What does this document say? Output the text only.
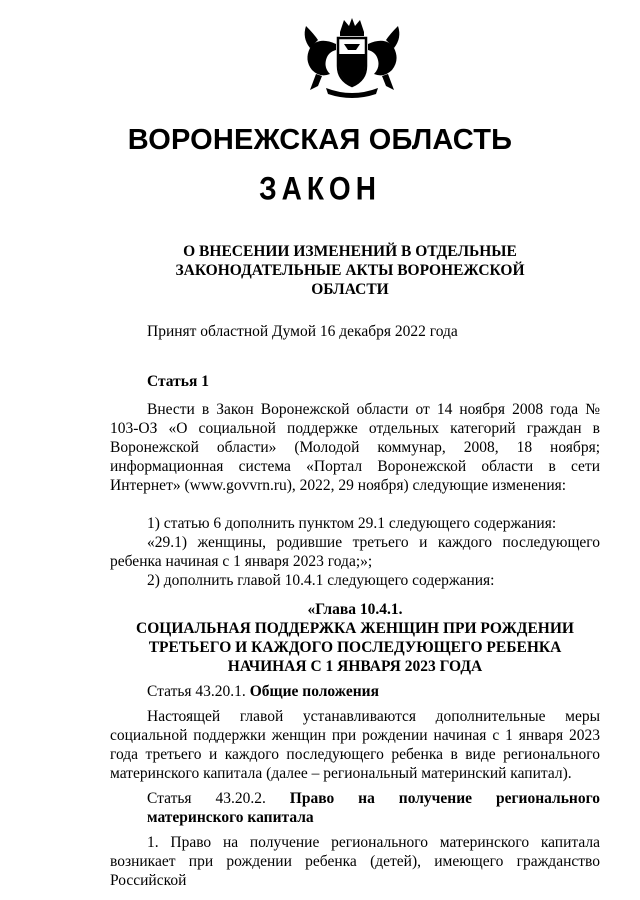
ВОРОНЕЖСКАЯ ОБЛАСТЬ
ЗАКОН
О ВНЕСЕНИИ ИЗМЕНЕНИЙ В ОТДЕЛЬНЫЕ
ЗАКОНОДАТЕЛЬНЫЕ АКТЫ ВОРОНЕЖСКОЙ
ОБЛАСТИ
Принят областной Думой 16 декабря 2022 года
Статья 1

Внести в Закон Воронежской области от 14 ноября 2008 года № 103-ОЗ «О социальной поддержке отдельных категорий граждан в Воронежской области» (Молодой коммунар, 2008, 18 ноября; информационная система «Портал Воронежской области в сети Интернет» (www.govvrn.ru), 2022, 29 ноября) следующие изменения:

1) статью 6 дополнить пунктом 29.1 следующего содержания:

«29.1) женщины, родившие третьего и каждого последующего ребенка начиная с 1 января 2023 года;»;

2) дополнить главой 10.4.1 следующего содержания:

«Глава 10.4.1.

СОЦИАЛЬНАЯ ПОДДЕРЖКА ЖЕНЩИН ПРИ РОЖДЕНИИ

ТРЕТЬЕГО И КАЖДОГО ПОСЛЕДУЮЩЕГО РЕБЕНКА

НАЧИНАЯ С 1 ЯНВАРЯ 2023 ГОДА

Статья 43.20.1. Общие положения

Настоящей главой устанавливаются дополнительные меры социальной поддержки женщин при рождении начиная с 1 января 2023 года третьего и каждого последующего ребенка в виде регионального материнского капитала (далее – региональный материнский капитал).

Статья 43.20.2. Право на получение регионального материнского капитала

1. Право на получение регионального материнского капитала возникает при рождении ребенка (детей), имеющего гражданство Российской
